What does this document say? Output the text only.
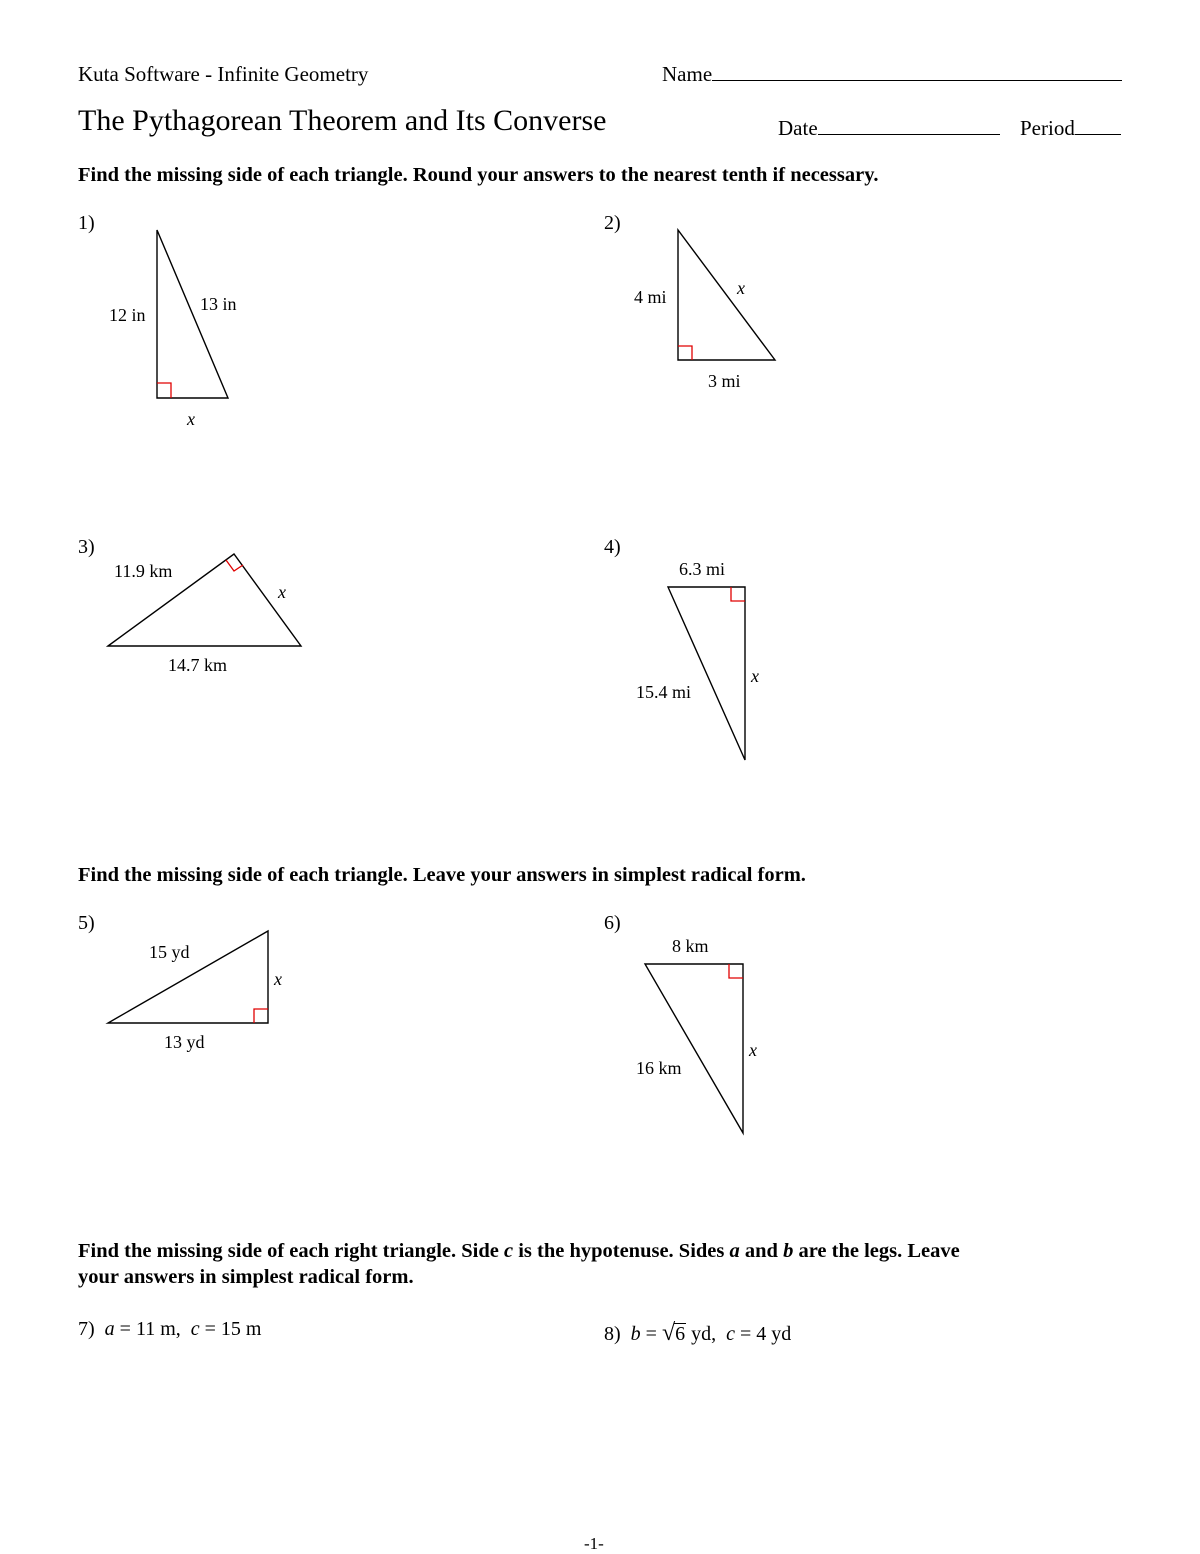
Kuta Software - Infinite Geometry	Name
The Pythagorean Theorem and Its Converse	Date	Period
Find the missing side of each triangle. Round your answers to the nearest tenth if necessary.
1)
12 in
13 in
x
2)
4 mi	x
3 mi
3)
11.9 km
x
14.7 km
4)
6.3 mi
15.4 mi
x
Find the missing side of each triangle. Leave your answers in simplest radical form.
5)
15 yd
x
13 yd
6)
8 km
16 km
x
Find the missing side of each right triangle. Side c is the hypotenuse. Sides a and b are the legs. Leave
your answers in simplest radical form.
7) a = 11 m,  c = 15 m	8) b = √6 yd,  c = 4 yd
-1-
